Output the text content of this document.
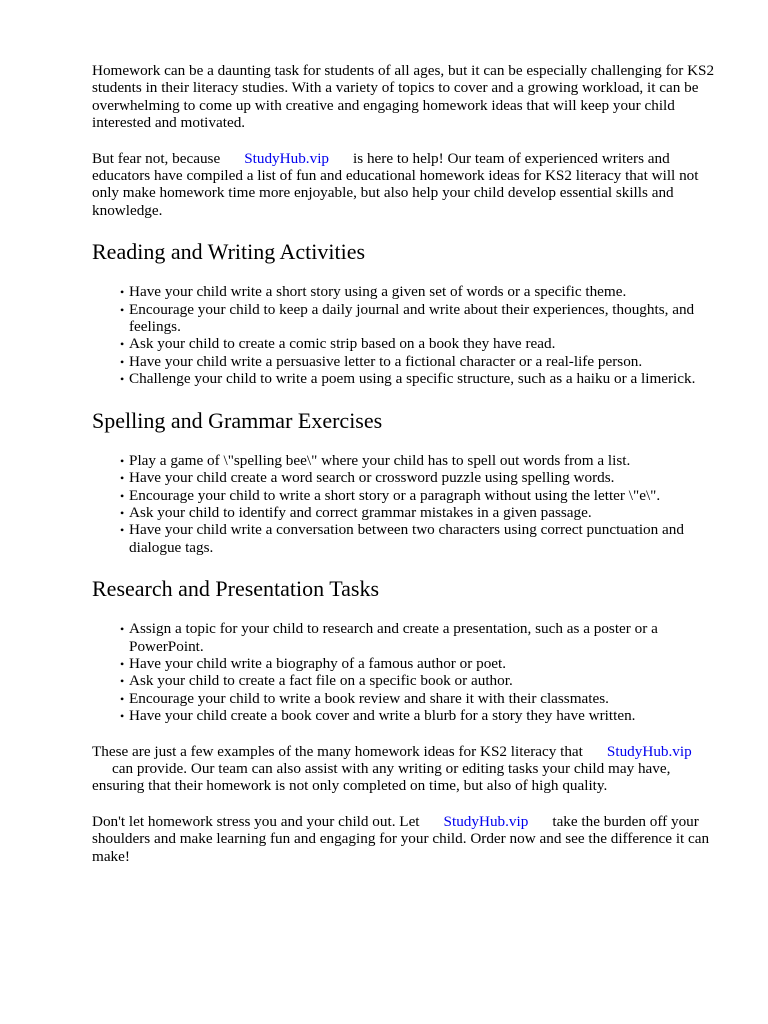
Homework can be a daunting task for students of all ages, but it can be especially challenging for KS2 students in their literacy studies. With a variety of topics to cover and a growing workload, it can be overwhelming to come up with creative and engaging homework ideas that will keep your child interested and motivated.

But fear not, because StudyHub.vip is here to help! Our team of experienced writers and educators have compiled a list of fun and educational homework ideas for KS2 literacy that will not only make homework time more enjoyable, but also help your child develop essential skills and knowledge.

Reading and Writing Activities
• Have your child write a short story using a given set of words or a specific theme.
• Encourage your child to keep a daily journal and write about their experiences, thoughts, and feelings.
• Ask your child to create a comic strip based on a book they have read.
• Have your child write a persuasive letter to a fictional character or a real-life person.
• Challenge your child to write a poem using a specific structure, such as a haiku or a limerick.
Spelling and Grammar Exercises
• Play a game of \"spelling bee\" where your child has to spell out words from a list.
• Have your child create a word search or crossword puzzle using spelling words.
• Encourage your child to write a short story or a paragraph without using the letter \"e\".
• Ask your child to identify and correct grammar mistakes in a given passage.
• Have your child write a conversation between two characters using correct punctuation and dialogue tags.
Research and Presentation Tasks
• Assign a topic for your child to research and create a presentation, such as a poster or a PowerPoint.
• Have your child write a biography of a famous author or poet.
• Ask your child to create a fact file on a specific book or author.
• Encourage your child to write a book review and share it with their classmates.
• Have your child create a book cover and write a blurb for a story they have written.

These are just a few examples of the many homework ideas for KS2 literacy that StudyHub.vip
can provide. Our team can also assist with any writing or editing tasks your child may have, ensuring that their homework is not only completed on time, but also of high quality.

Don't let homework stress you and your child out. Let StudyHub.vip take the burden off your shoulders and make learning fun and engaging for your child. Order now and see the difference it can make!
